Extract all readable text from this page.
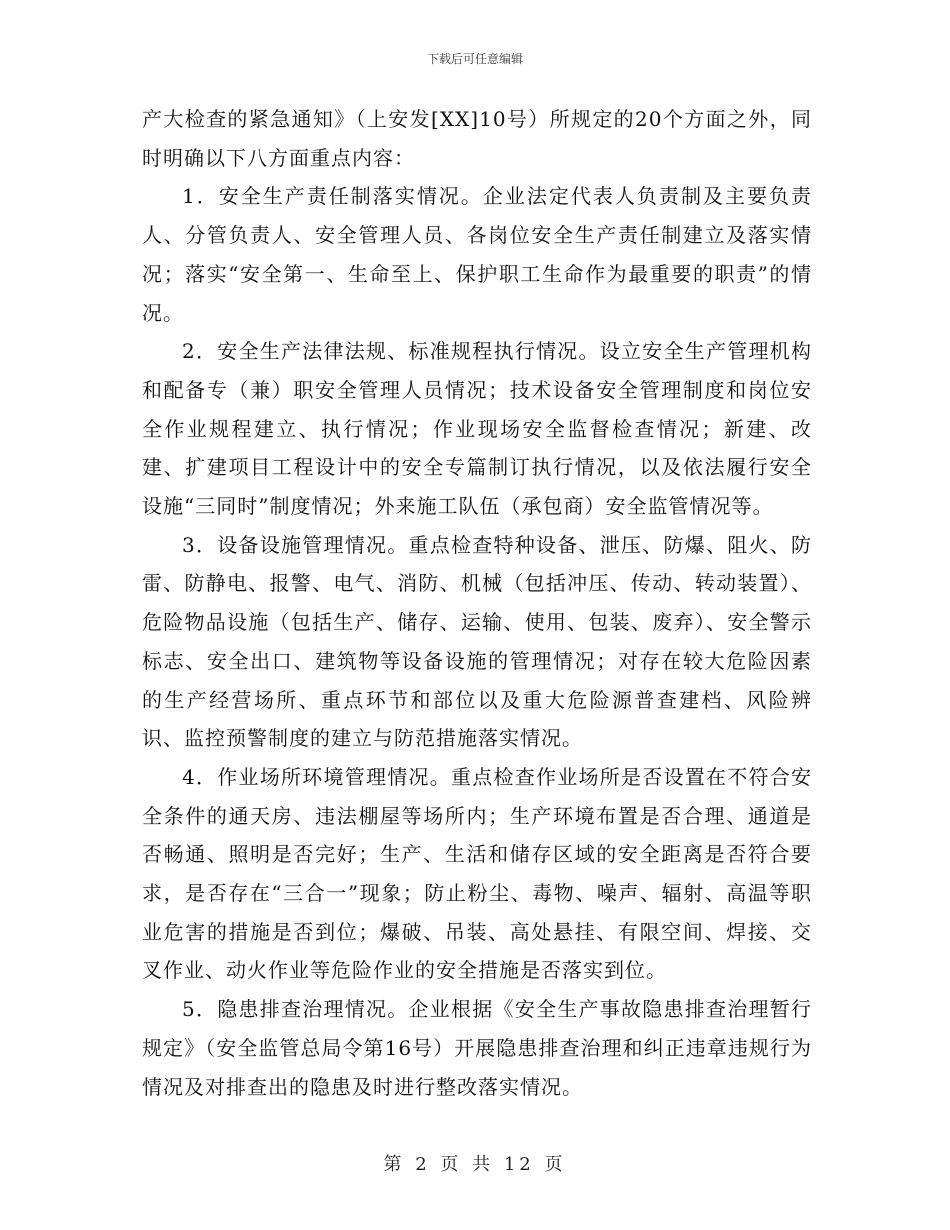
下载后可任意编辑

产大检查的紧急通知》（上安发[XX]10号）所规定的20个方面之外，同时明确以下八方面重点内容：

1．安全生产责任制落实情况。企业法定代表人负责制及主要负责人、分管负责人、安全管理人员、各岗位安全生产责任制建立及落实情况；落实“安全第一、生命至上、保护职工生命作为最重要的职责”的情况。

2．安全生产法律法规、标准规程执行情况。设立安全生产管理机构和配备专（兼）职安全管理人员情况；技术设备安全管理制度和岗位安全作业规程建立、执行情况；作业现场安全监督检查情况；新建、改建、扩建项目工程设计中的安全专篇制订执行情况，以及依法履行安全设施“三同时”制度情况；外来施工队伍（承包商）安全监管情况等。

3．设备设施管理情况。重点检查特种设备、泄压、防爆、阻火、防雷、防静电、报警、电气、消防、机械（包括冲压、传动、转动装置）、危险物品设施（包括生产、储存、运输、使用、包装、废弃）、安全警示标志、安全出口、建筑物等设备设施的管理情况；对存在较大危险因素的生产经营场所、重点环节和部位以及重大危险源普查建档、风险辨识、监控预警制度的建立与防范措施落实情况。

4．作业场所环境管理情况。重点检查作业场所是否设置在不符合安全条件的通天房、违法棚屋等场所内；生产环境布置是否合理、通道是否畅通、照明是否完好；生产、生活和储存区域的安全距离是否符合要求，是否存在“三合一”现象；防止粉尘、毒物、噪声、辐射、高温等职业危害的措施是否到位；爆破、吊装、高处悬挂、有限空间、焊接、交叉作业、动火作业等危险作业的安全措施是否落实到位。

5．隐患排查治理情况。企业根据《安全生产事故隐患排查治理暂行规定》（安全监管总局令第16号）开展隐患排查治理和纠正违章违规行为情况及对排查出的隐患及时进行整改落实情况。

第 2 页 共 12 页
